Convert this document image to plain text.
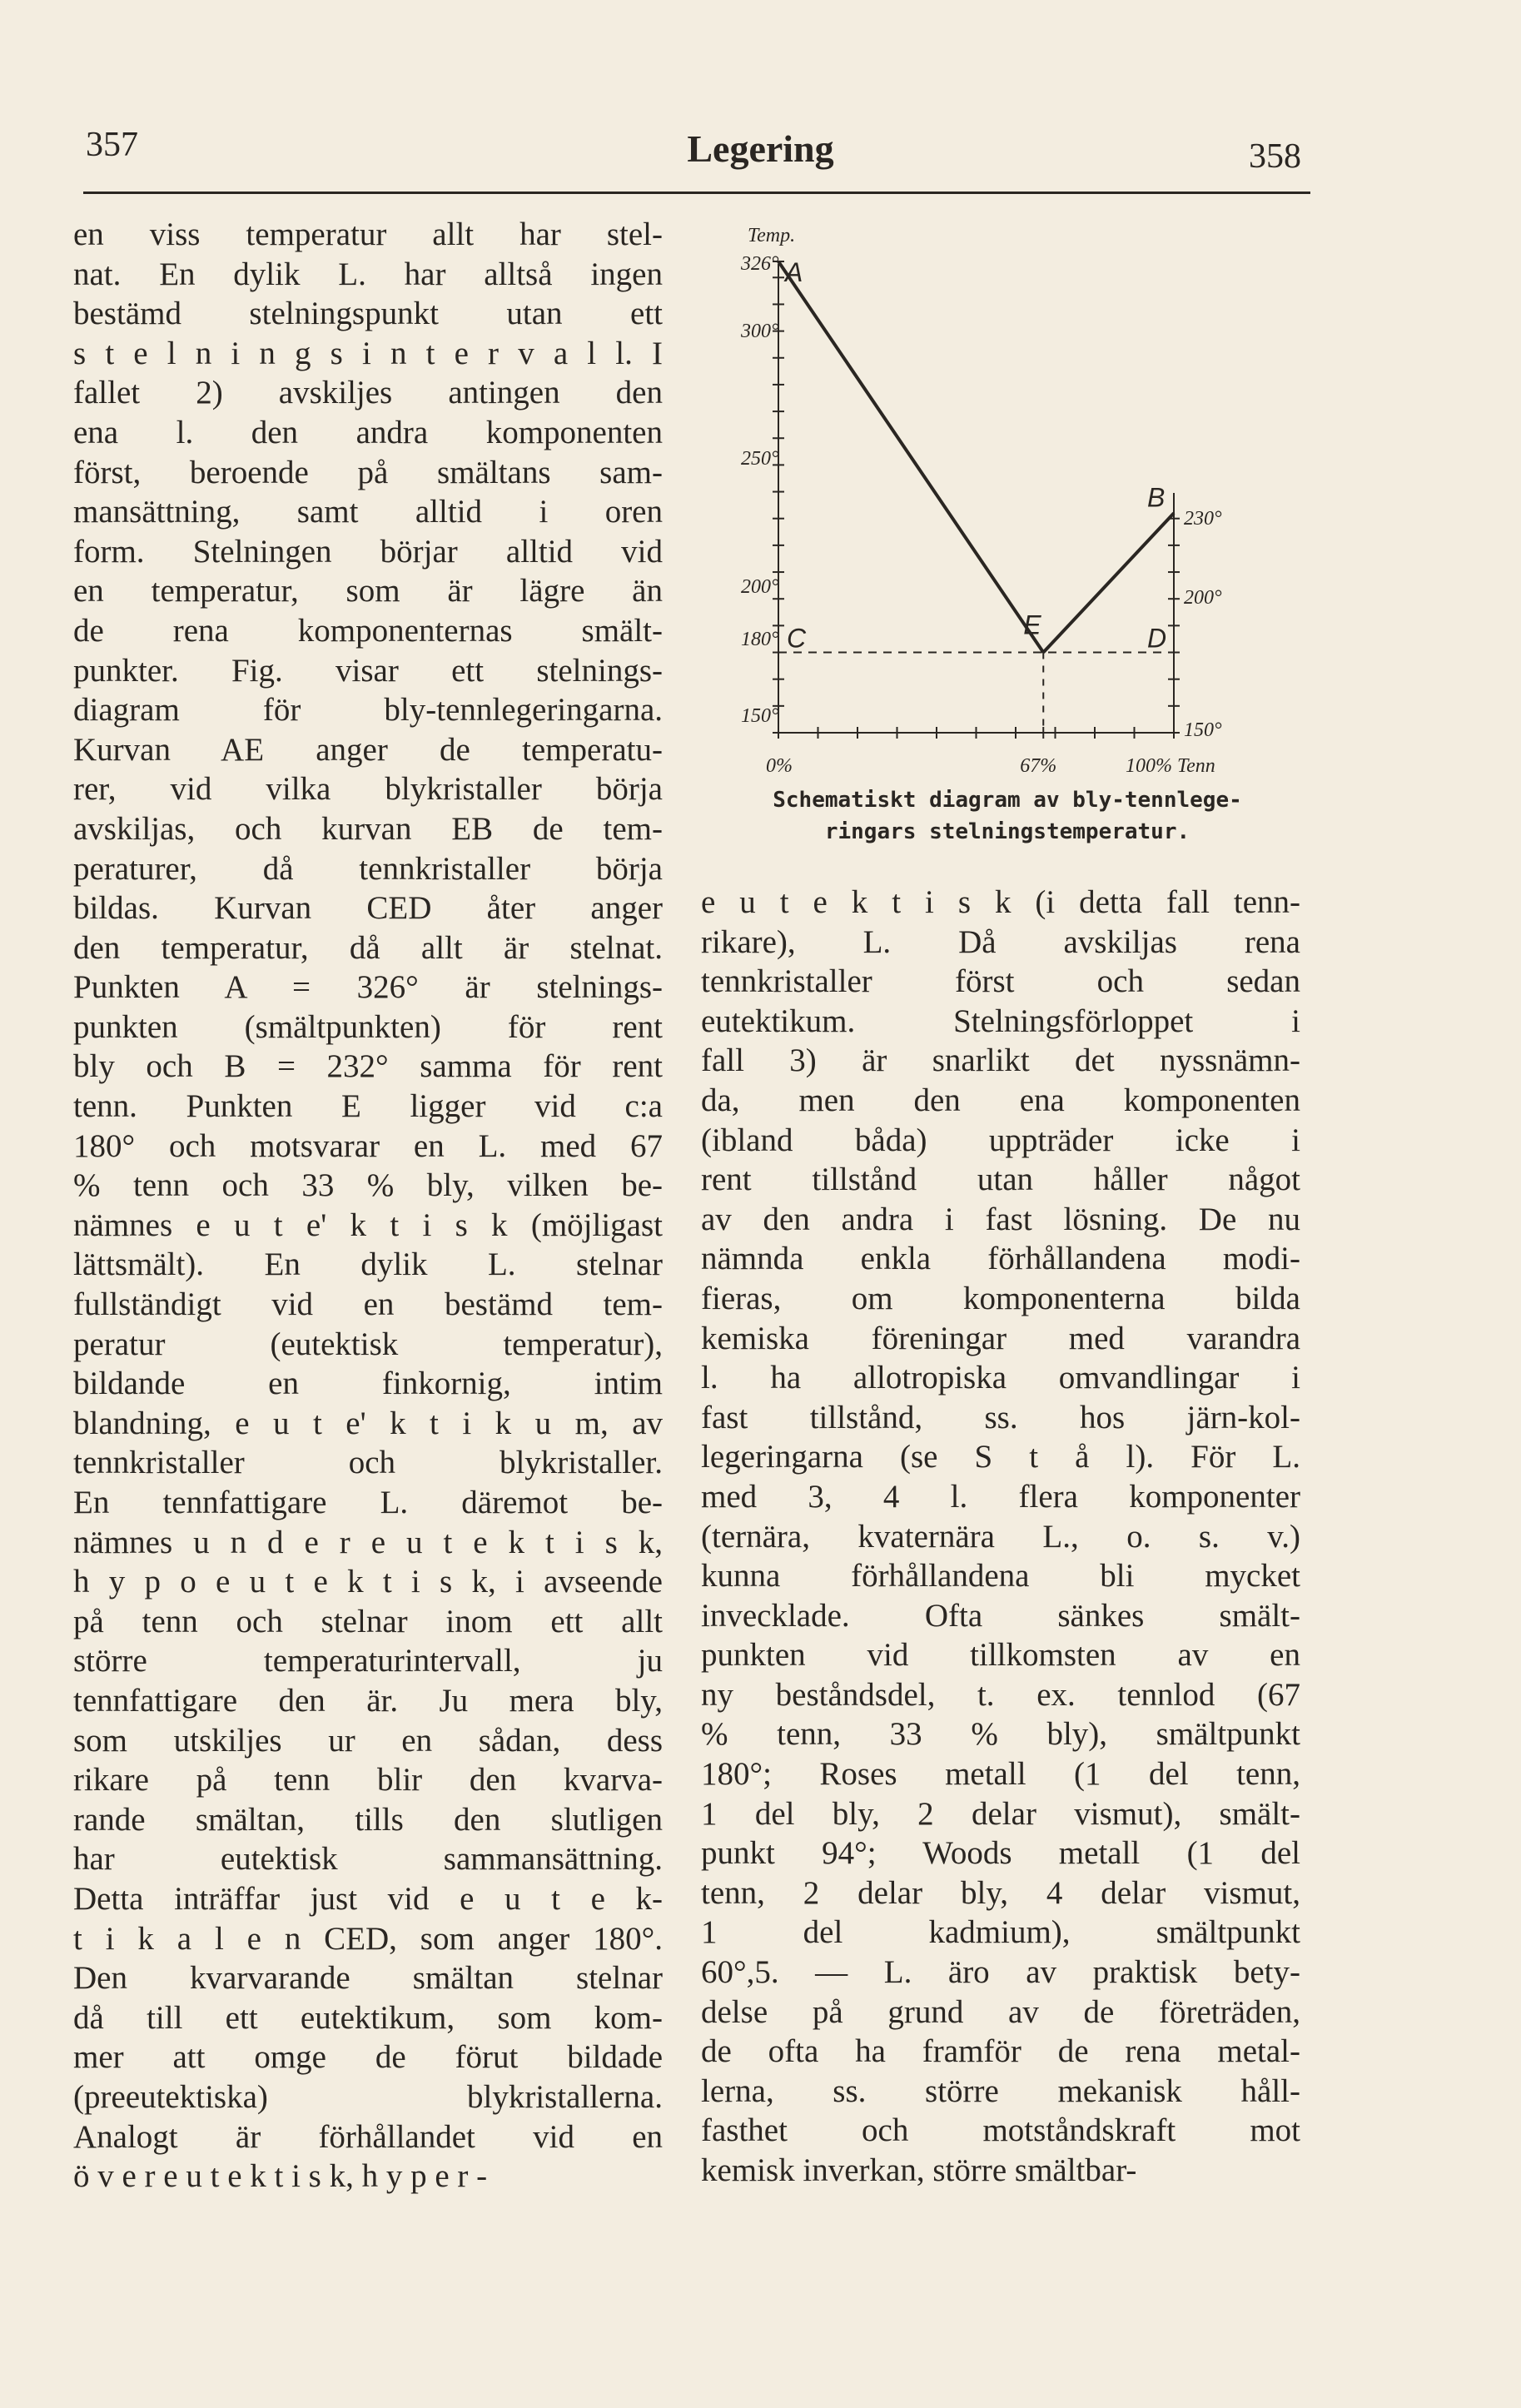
357	Legering	358
en viss temperatur allt har stel-
nat. En dylik L. har alltså ingen
bestämd stelningspunkt utan ett
s t e l n i n g s i n t e r v a l l. I
fallet 2) avskiljes antingen den
ena l. den andra komponenten
först, beroende på smältans sam-
mansättning, samt alltid i oren
form. Stelningen börjar alltid vid
en temperatur, som är lägre än
de rena komponenternas smält-
punkter. Fig. visar ett stelnings-
diagram för bly-tennlegeringarna.
Kurvan AE anger de temperatu-
rer, vid vilka blykristaller börja
avskiljas, och kurvan EB de tem-
peraturer, då tennkristaller börja
bildas. Kurvan CED åter anger
den temperatur, då allt är stelnat.
Punkten A = 326° är stelnings-
punkten (smältpunkten) för rent
bly och B = 232° samma för rent
tenn. Punkten E ligger vid c:a
180° och motsvarar en L. med 67
% tenn och 33 % bly, vilken be-
nämnes e u t e' k t i s k (möjligast
lättsmält). En dylik L. stelnar
fullständigt vid en bestämd tem-
peratur (eutektisk temperatur),
bildande en finkornig, intim
blandning, e u t e' k t i k u m, av
tennkristaller och blykristaller.
En tennfattigare L. däremot be-
nämnes u n d e r e u t e k t i s k,
h y p o e u t e k t i s k, i avseende
på tenn och stelnar inom ett allt
större temperaturintervall, ju
tennfattigare den är. Ju mera bly,
som utskiljes ur en sådan, dess
rikare på tenn blir den kvarva-
rande smältan, tills den slutligen
har eutektisk sammansättning.
Detta inträffar just vid e u t e k-
t i k a l e n CED, som anger 180°.
Den kvarvarande smältan stelnar
då till ett eutektikum, som kom-
mer att omge de förut bildade
(preeutektiska) blykristallerna.
Analogt är förhållandet vid en
ö v e r e u t e k t i s k, h y p e r -
Temp.
326°
300°
250°
200°
180°
150°
230°
200°
150°
A
B
C	D
E
0%	67%	100% Tenn
Schematiskt diagram av bly-tennlege-
ringars stelningstemperatur.
e u t e k t i s k (i detta fall tenn-
rikare), L. Då avskiljas rena
tennkristaller först och sedan
eutektikum. Stelningsförloppet i
fall 3) är snarlikt det nyssnämn-
da, men den ena komponenten
(ibland båda) uppträder icke i
rent tillstånd utan håller något
av den andra i fast lösning. De nu
nämnda enkla förhållandena modi-
fieras, om komponenterna bilda
kemiska föreningar med varandra
l. ha allotropiska omvandlingar i
fast tillstånd, ss. hos järn-kol-
legeringarna (se S t å l). För L.
med 3, 4 l. flera komponenter
(ternära, kvaternära L., o. s. v.)
kunna förhållandena bli mycket
invecklade. Ofta sänkes smält-
punkten vid tillkomsten av en
ny beståndsdel, t. ex. tennlod (67
% tenn, 33 % bly), smältpunkt
180°; Roses metall (1 del tenn,
1 del bly, 2 delar vismut), smält-
punkt 94°; Woods metall (1 del
tenn, 2 delar bly, 4 delar vismut,
1 del kadmium), smältpunkt
60°,5. — L. äro av praktisk bety-
delse på grund av de företräden,
de ofta ha framför de rena metal-
lerna, ss. större mekanisk håll-
fasthet och motståndskraft mot
kemisk inverkan, större smältbar-
